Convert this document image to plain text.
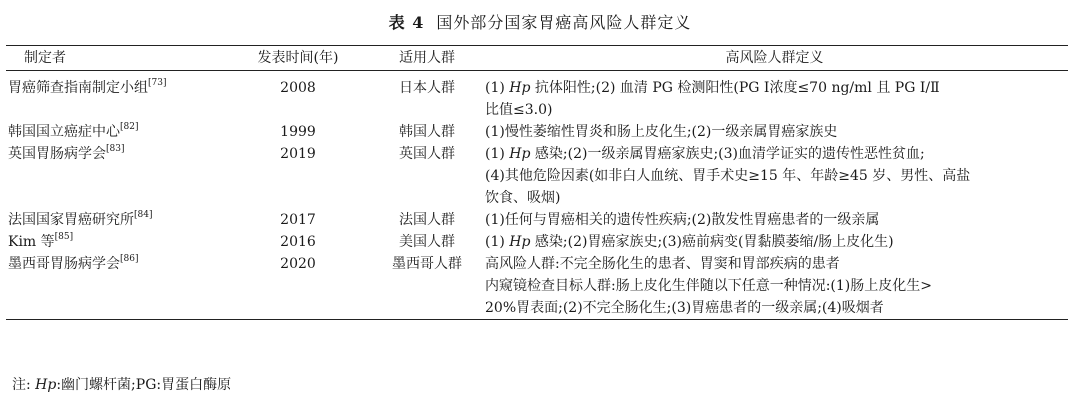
表 4 国外部分国家胃癌高风险人群定义
制定者	发表时间(年)	适用人群	高风险人群定义
胃癌筛查指南制定小组[73]	2008	日本人群	(1) Hp 抗体阳性;(2) 血清 PG 检测阳性(PG Ⅰ浓度≤70 ng/ml 且 PG Ⅰ/Ⅱ
比值≤3.0)

韩国国立癌症中心[82]	1999	韩国人群	(1)慢性萎缩性胃炎和肠上皮化生;(2)一级亲属胃癌家族史

英国胃肠病学会[83]	2019	英国人群	(1) Hp 感染;(2)一级亲属胃癌家族史;(3)血清学证实的遗传性恶性贫血;
(4)其他危险因素(如非白人血统、胃手术史≥15 年、年龄≥45 岁、男性、高盐
饮食、吸烟)

法国国家胃癌研究所[84]	2017	法国人群	(1)任何与胃癌相关的遗传性疾病;(2)散发性胃癌患者的一级亲属

Kim 等[85]	2016	美国人群	(1) Hp 感染;(2)胃癌家族史;(3)癌前病变(胃黏膜萎缩/肠上皮化生)

墨西哥胃肠病学会[86]	2020	墨西哥人群	高风险人群:不完全肠化生的患者、胃窦和胃部疾病的患者
内窥镜检查目标人群:肠上皮化生伴随以下任意一种情况:(1)肠上皮化生>
20%胃表面;(2)不完全肠化生;(3)胃癌患者的一级亲属;(4)吸烟者
注: Hp:幽门螺杆菌;PG:胃蛋白酶原
